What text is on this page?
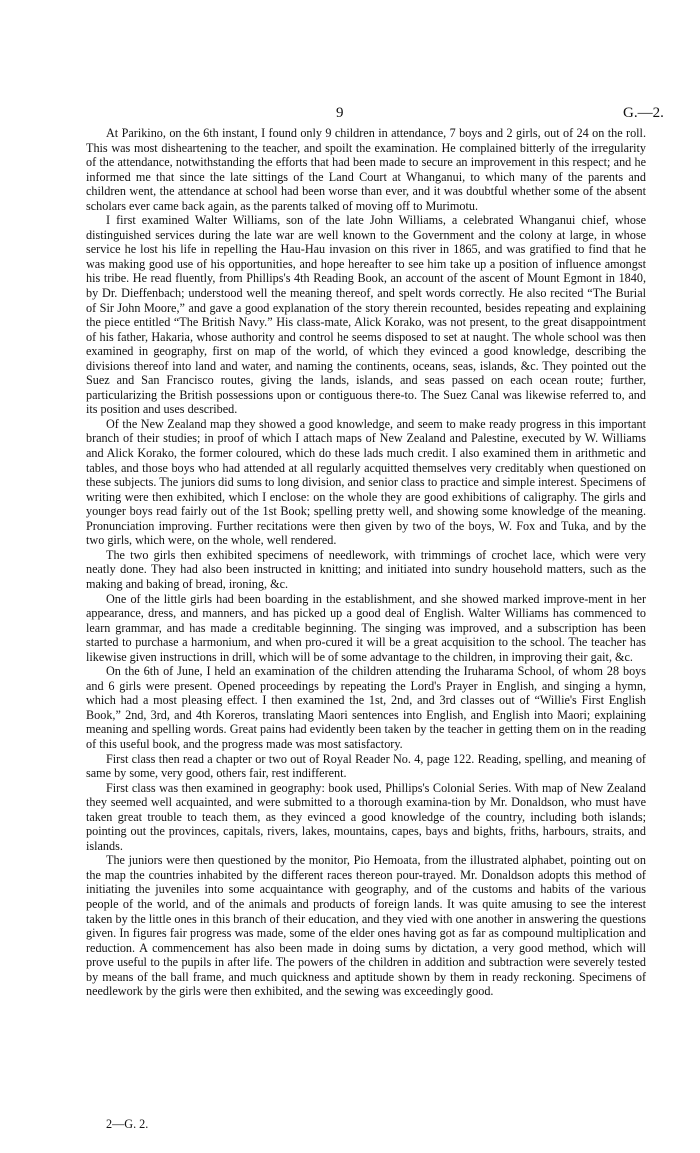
9	G.—2.

At Parikino, on the 6th instant, I found only 9 children in attendance, 7 boys and 2 girls, out of 24 on the roll. This was most disheartening to the teacher, and spoilt the examination. He complained bitterly of the irregularity of the attendance, notwithstanding the efforts that had been made to secure an improvement in this respect; and he informed me that since the late sittings of the Land Court at Whanganui, to which many of the parents and children went, the attendance at school had been worse than ever, and it was doubtful whether some of the absent scholars ever came back again, as the parents talked of moving off to Murimotu.

I first examined Walter Williams, son of the late John Williams, a celebrated Whanganui chief, whose distinguished services during the late war are well known to the Government and the colony at large, in whose service he lost his life in repelling the Hau-Hau invasion on this river in 1865, and was gratified to find that he was making good use of his opportunities, and hope hereafter to see him take up a position of influence amongst his tribe. He read fluently, from Phillips's 4th Reading Book, an account of the ascent of Mount Egmont in 1840, by Dr. Dieffenbach; understood well the meaning thereof, and spelt words correctly. He also recited “The Burial of Sir John Moore,” and gave a good explanation of the story therein recounted, besides repeating and explaining the piece entitled “The British Navy.” His class-mate, Alick Korako, was not present, to the great disappointment of his father, Hakaria, whose authority and control he seems disposed to set at naught. The whole school was then examined in geography, first on map of the world, of which they evinced a good knowledge, describing the divisions thereof into land and water, and naming the continents, oceans, seas, islands, &c. They pointed out the Suez and San Francisco routes, giving the lands, islands, and seas passed on each ocean route; further, particularizing the British possessions upon or contiguous there-to. The Suez Canal was likewise referred to, and its position and uses described.

Of the New Zealand map they showed a good knowledge, and seem to make ready progress in this important branch of their studies; in proof of which I attach maps of New Zealand and Palestine, executed by W. Williams and Alick Korako, the former coloured, which do these lads much credit. I also examined them in arithmetic and tables, and those boys who had attended at all regularly acquitted themselves very creditably when questioned on these subjects. The juniors did sums to long division, and senior class to practice and simple interest. Specimens of writing were then exhibited, which I enclose: on the whole they are good exhibitions of caligraphy. The girls and younger boys read fairly out of the 1st Book; spelling pretty well, and showing some knowledge of the meaning. Pronunciation improving. Further recitations were then given by two of the boys, W. Fox and Tuka, and by the two girls, which were, on the whole, well rendered.

The two girls then exhibited specimens of needlework, with trimmings of crochet lace, which were very neatly done. They had also been instructed in knitting; and initiated into sundry household matters, such as the making and baking of bread, ironing, &c.

One of the little girls had been boarding in the establishment, and she showed marked improve-ment in her appearance, dress, and manners, and has picked up a good deal of English. Walter Williams has commenced to learn grammar, and has made a creditable beginning. The singing was improved, and a subscription has been started to purchase a harmonium, and when pro-cured it will be a great acquisition to the school. The teacher has likewise given instructions in drill, which will be of some advantage to the children, in improving their gait, &c.

On the 6th of June, I held an examination of the children attending the Iruharama School, of whom 28 boys and 6 girls were present. Opened proceedings by repeating the Lord's Prayer in English, and singing a hymn, which had a most pleasing effect. I then examined the 1st, 2nd, and 3rd classes out of “Willie's First English Book,” 2nd, 3rd, and 4th Koreros, translating Maori sentences into English, and English into Maori; explaining meaning and spelling words. Great pains had evidently been taken by the teacher in getting them on in the reading of this useful book, and the progress made was most satisfactory.

First class then read a chapter or two out of Royal Reader No. 4, page 122. Reading, spelling, and meaning of same by some, very good, others fair, rest indifferent.

First class was then examined in geography: book used, Phillips's Colonial Series. With map of New Zealand they seemed well acquainted, and were submitted to a thorough examina-tion by Mr. Donaldson, who must have taken great trouble to teach them, as they evinced a good knowledge of the country, including both islands; pointing out the provinces, capitals, rivers, lakes, mountains, capes, bays and bights, friths, harbours, straits, and islands.

The juniors were then questioned by the monitor, Pio Hemoata, from the illustrated alphabet, pointing out on the map the countries inhabited by the different races thereon pour-trayed. Mr. Donaldson adopts this method of initiating the juveniles into some acquaintance with geography, and of the customs and habits of the various people of the world, and of the animals and products of foreign lands. It was quite amusing to see the interest taken by the little ones in this branch of their education, and they vied with one another in answering the questions given. In figures fair progress was made, some of the elder ones having got as far as compound multiplication and reduction. A commencement has also been made in doing sums by dictation, a very good method, which will prove useful to the pupils in after life. The powers of the children in addition and subtraction were severely tested by means of the ball frame, and much quickness and aptitude shown by them in ready reckoning. Specimens of needlework by the girls were then exhibited, and the sewing was exceedingly good.

2—G. 2.
